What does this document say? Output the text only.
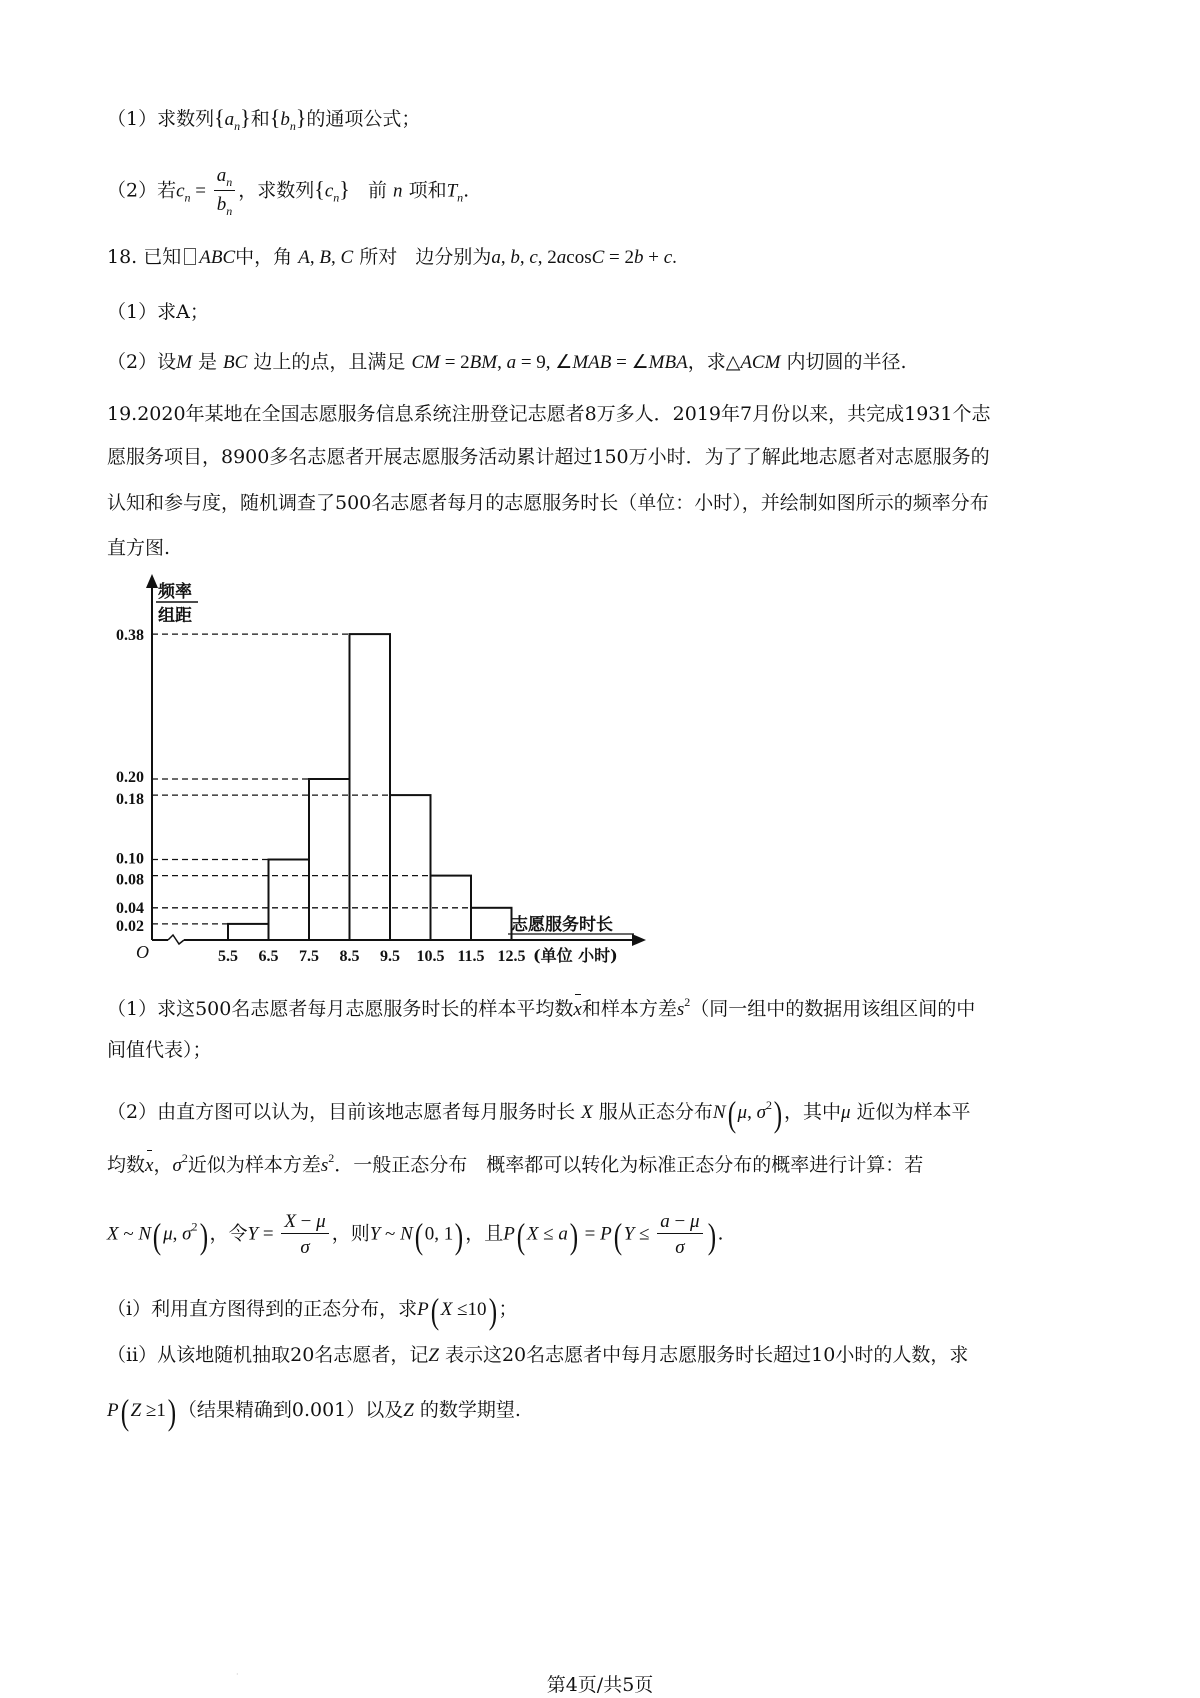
（1）求数列$\{a_n\}$和$\{b_n\}$的通项公式；
（2）若$c_n = \frac{a_n}{b_n}$ ，求数列$\{c_n\}$ 前 n 项和$T_n$.
18. 已知 ABC中，角 A, B, C 所对 边分别为a, b, c, 2acosC = 2b + c.
（1）求A；
（2）设M 是 BC 边上的点，且满足 CM = 2BM, a = 9, ∠MAB = ∠MBA，求△ACM 内切圆的半径.
19.2020年某地在全国志愿服务信息系统注册登记志愿者8万多人．2019年7月份以来，共完成1931个志
愿服务项目，8900多名志愿者开展志愿服务活动累计超过150万小时．为了了解此地志愿者对志愿服务的
认知和参与度，随机调查了500名志愿者每月的志愿服务时长（单位：小时），并绘制如图所示的频率分布
直方图.
0.02
0.04
0.08
0.10
0.18
0.20
0.38
5.5 6.5 7.5 8.5 9.5 10.5 11.5 12.5
频率
组距
志愿服务时长
(单位 小时)
O
（1）求这500名志愿者每月志愿服务时长的样本平均数x和样本方差$s^2$（同一组中的数据用该组区间的中
间值代表）；
（2）由直方图可以认为，目前该地志愿者每月服务时长 X 服从正态分布N(μ, $\sigma^2$)，其中μ 近似为样本平
均数x，$\sigma^2$近似为样本方差$s^2$．一般正态分布　概率都可以转化为标准正态分布的概率进行计算：若
X ~ N(μ, $\sigma^2$)，令$Y = \frac{X - \mu}{\sigma}$ ，则Y ~ N(0, 1)，且$P(X \le a) = P(Y \le \frac{a - \mu}{\sigma}$ ).
（ⅰ）利用直方图得到的正态分布，求P(X ≤10)；
（ⅱ）从该地随机抽取20名志愿者，记Z 表示这20名志愿者中每月志愿服务时长超过10小时的人数，求
P(Z ≥1)（结果精确到0.001）以及Z 的数学期望.
·	第4页/共5页
